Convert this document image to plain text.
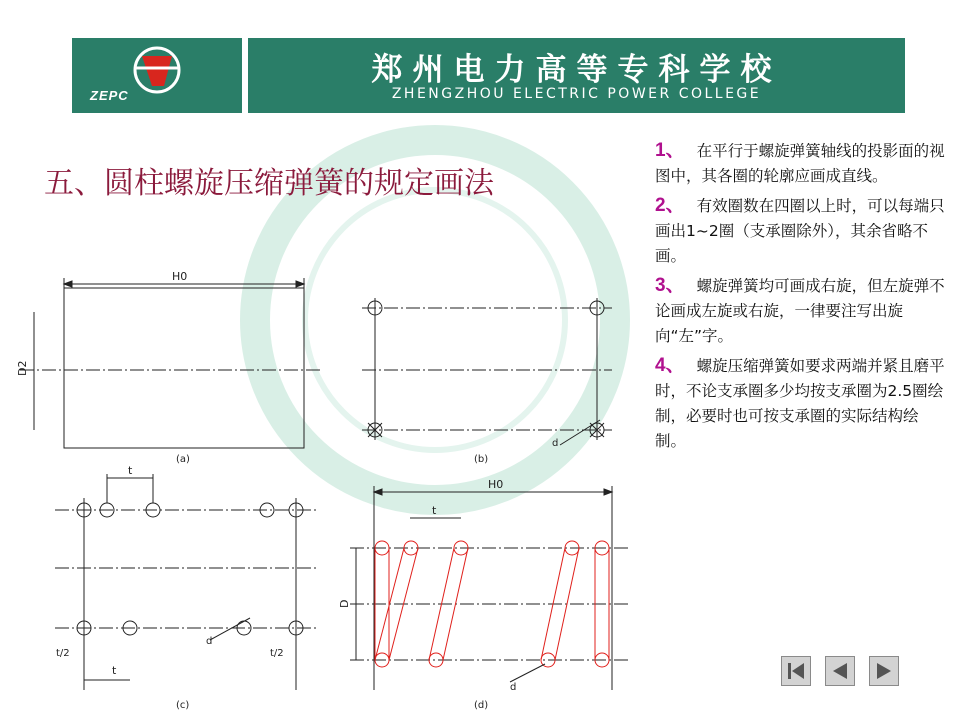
ZEPC
郑州电力高等专科学校
ZHENGZHOU ELECTRIC POWER COLLEGE
五、圆柱螺旋压缩弹簧的规定画法
1、 在平行于螺旋弹簧轴线的投影面的视图中，其各圈的轮廓应画成直线。
2、 有效圈数在四圈以上时，可以每端只画出1~2圈（支承圈除外），其余省略不画。
3、 螺旋弹簧均可画成右旋，但左旋弹不论画成左旋或右旋，一律要注写出旋向“左”字。
4、 螺旋压缩弹簧如要求两端并紧且磨平时，不论支承圈多少均按支承圈为2.5圈绘制，必要时也可按支承圈的实际结构绘制。
H0
D2
(a)
d
(b)
t
t
t/2	t/2
d
(c)
H0
t
D
d
(d)
